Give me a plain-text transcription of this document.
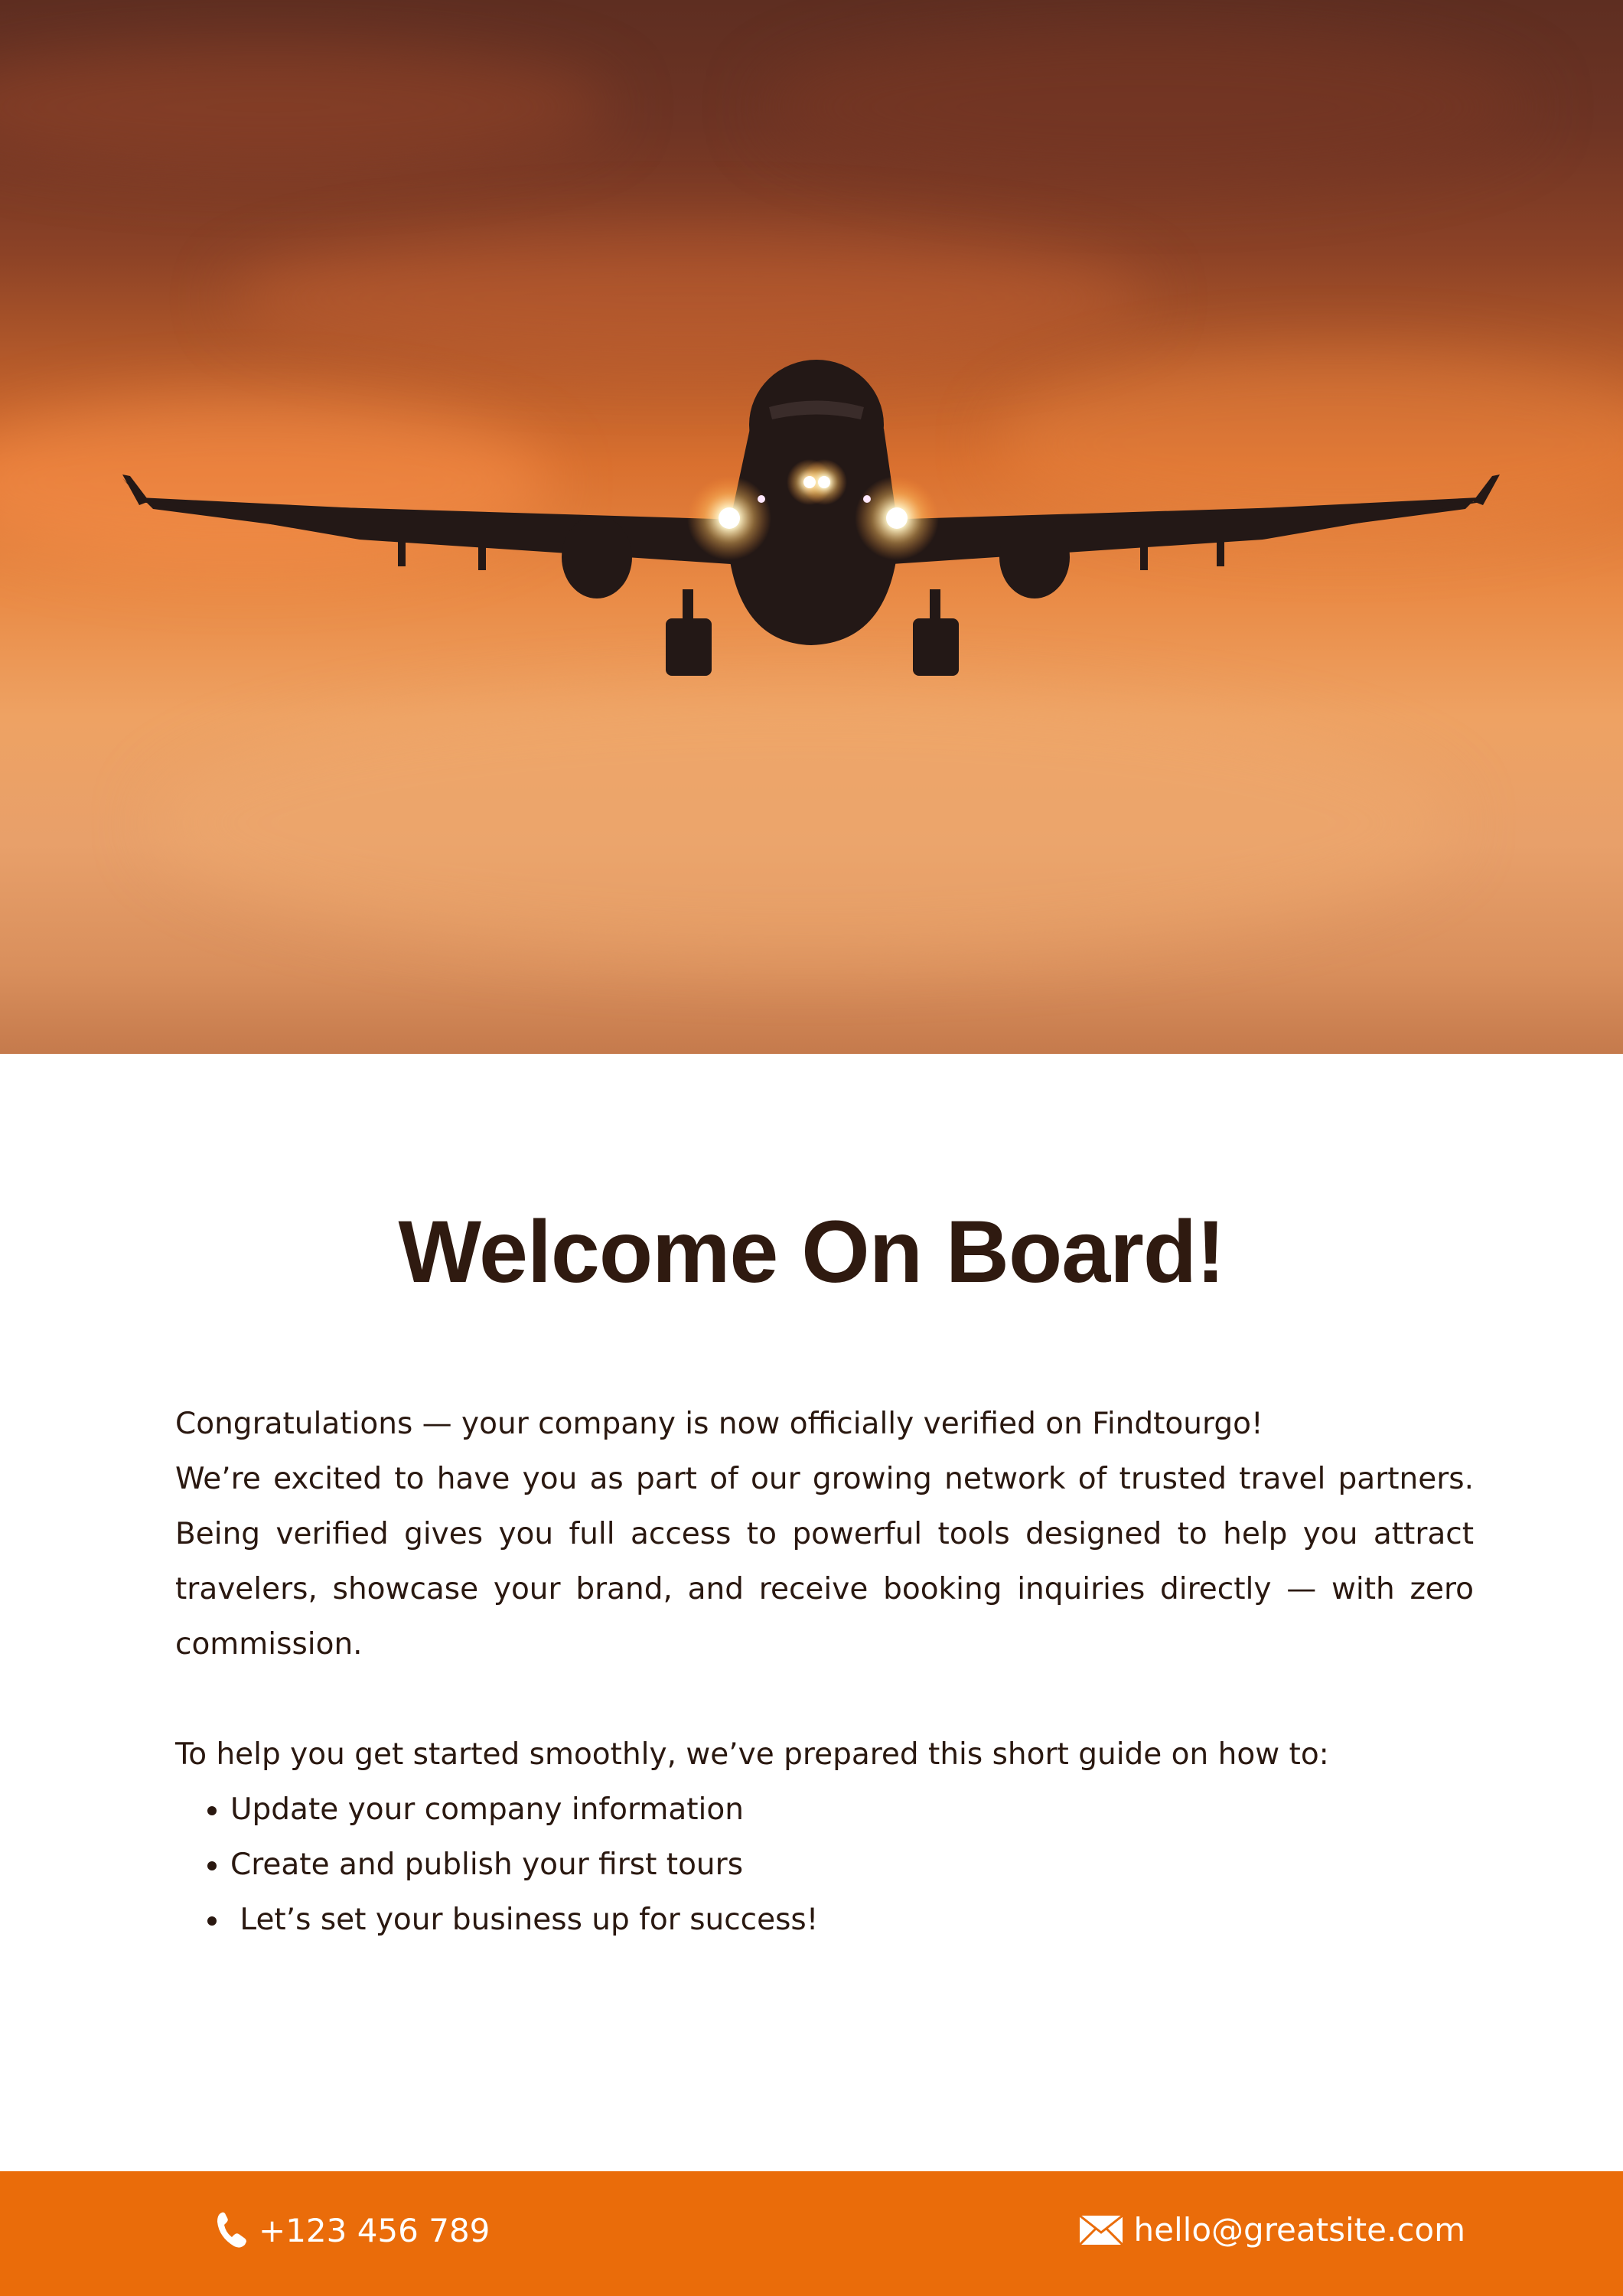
Welcome On Board!

Congratulations — your company is now officially verified on Findtourgo!

We’re excited to have you as part of our growing network of trusted travel partners. Being verified gives you full access to powerful tools designed to help you attract travelers, showcase your brand, and receive booking inquiries directly — with zero commission.

To help you get started smoothly, we’ve prepared this short guide on how to:

• Update your company information
• Create and publish your first tours
•  Let’s set your business up for success!
+123 456 789	hello@greatsite.com
